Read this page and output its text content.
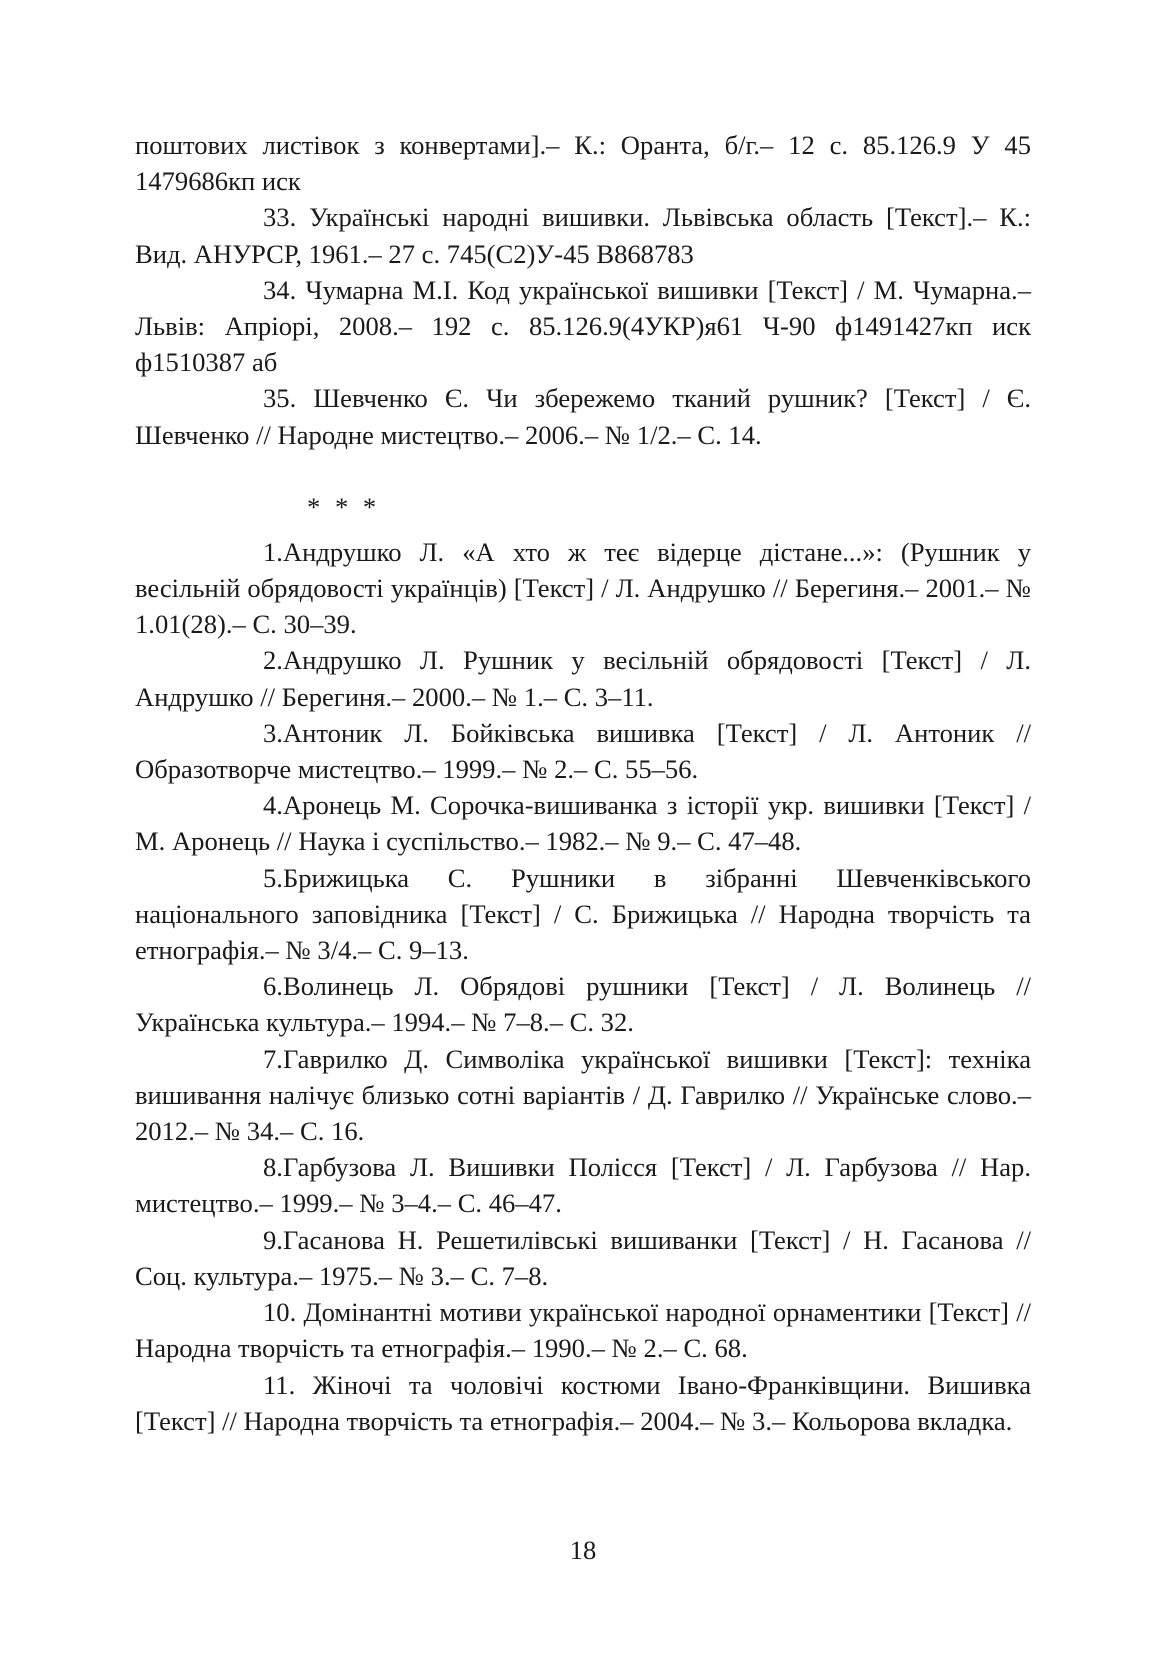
поштових листівок з конвертами].– К.: Оранта, б/г.– 12 с. 85.126.9 У 45 1479686кп иск

33. Українські народні вишивки. Львівська область [Текст].– К.: Вид. АНУРСР, 1961.– 27 с. 745(С2)У-45 В868783

34. Чумарна М.І. Код української вишивки [Текст] / М. Чумарна.– Львів: Апріорі, 2008.– 192 с. 85.126.9(4УКР)я61 Ч-90 ф1491427кп иск ф1510387 аб

35. Шевченко Є. Чи збережемо тканий рушник? [Текст] / Є. Шевченко // Народне мистецтво.– 2006.– № 1/2.– С. 14.

* * *

1.Андрушко Л. «А хто ж теє відерце дістане...»: (Рушник у весільній обрядовості українців) [Текст] / Л. Андрушко // Берегиня.– 2001.– № 1.01(28).– С. 30–39.

2.Андрушко Л. Рушник у весільній обрядовості [Текст] / Л. Андрушко // Берегиня.– 2000.– № 1.– С. 3–11.

3.Антоник Л. Бойківська вишивка [Текст] / Л. Антоник // Образотворче мистецтво.– 1999.– № 2.– С. 55–56.

4.Аронець М. Сорочка-вишиванка з історії укр. вишивки [Текст] / М. Аронець // Наука і суспільство.– 1982.– № 9.– С. 47–48.

5.Брижицька С. Рушники в зібранні Шевченківського національного заповідника [Текст] / С. Брижицька // Народна творчість та етнографія.– № 3/4.– С. 9–13.

6.Волинець Л. Обрядові рушники [Текст] / Л. Волинець // Українська культура.– 1994.– № 7–8.– С. 32.

7.Гаврилко Д. Символіка української вишивки [Текст]: техніка вишивання налічує близько сотні варіантів / Д. Гаврилко // Українське слово.– 2012.– № 34.– С. 16.

8.Гарбузова Л. Вишивки Полісся [Текст] / Л. Гарбузова // Нар. мистецтво.– 1999.– № 3–4.– С. 46–47.

9.Гасанова Н. Решетилівські вишиванки [Текст] / Н. Гасанова // Соц. культура.– 1975.– № 3.– С. 7–8.

10. Домінантні мотиви української народної орнаментики [Текст] // Народна творчість та етнографія.– 1990.– № 2.– С. 68.

11. Жіночі та чоловічі костюми Івано-Франківщини. Вишивка [Текст] // Народна творчість та етнографія.– 2004.– № 3.– Кольорова вкладка.

18
